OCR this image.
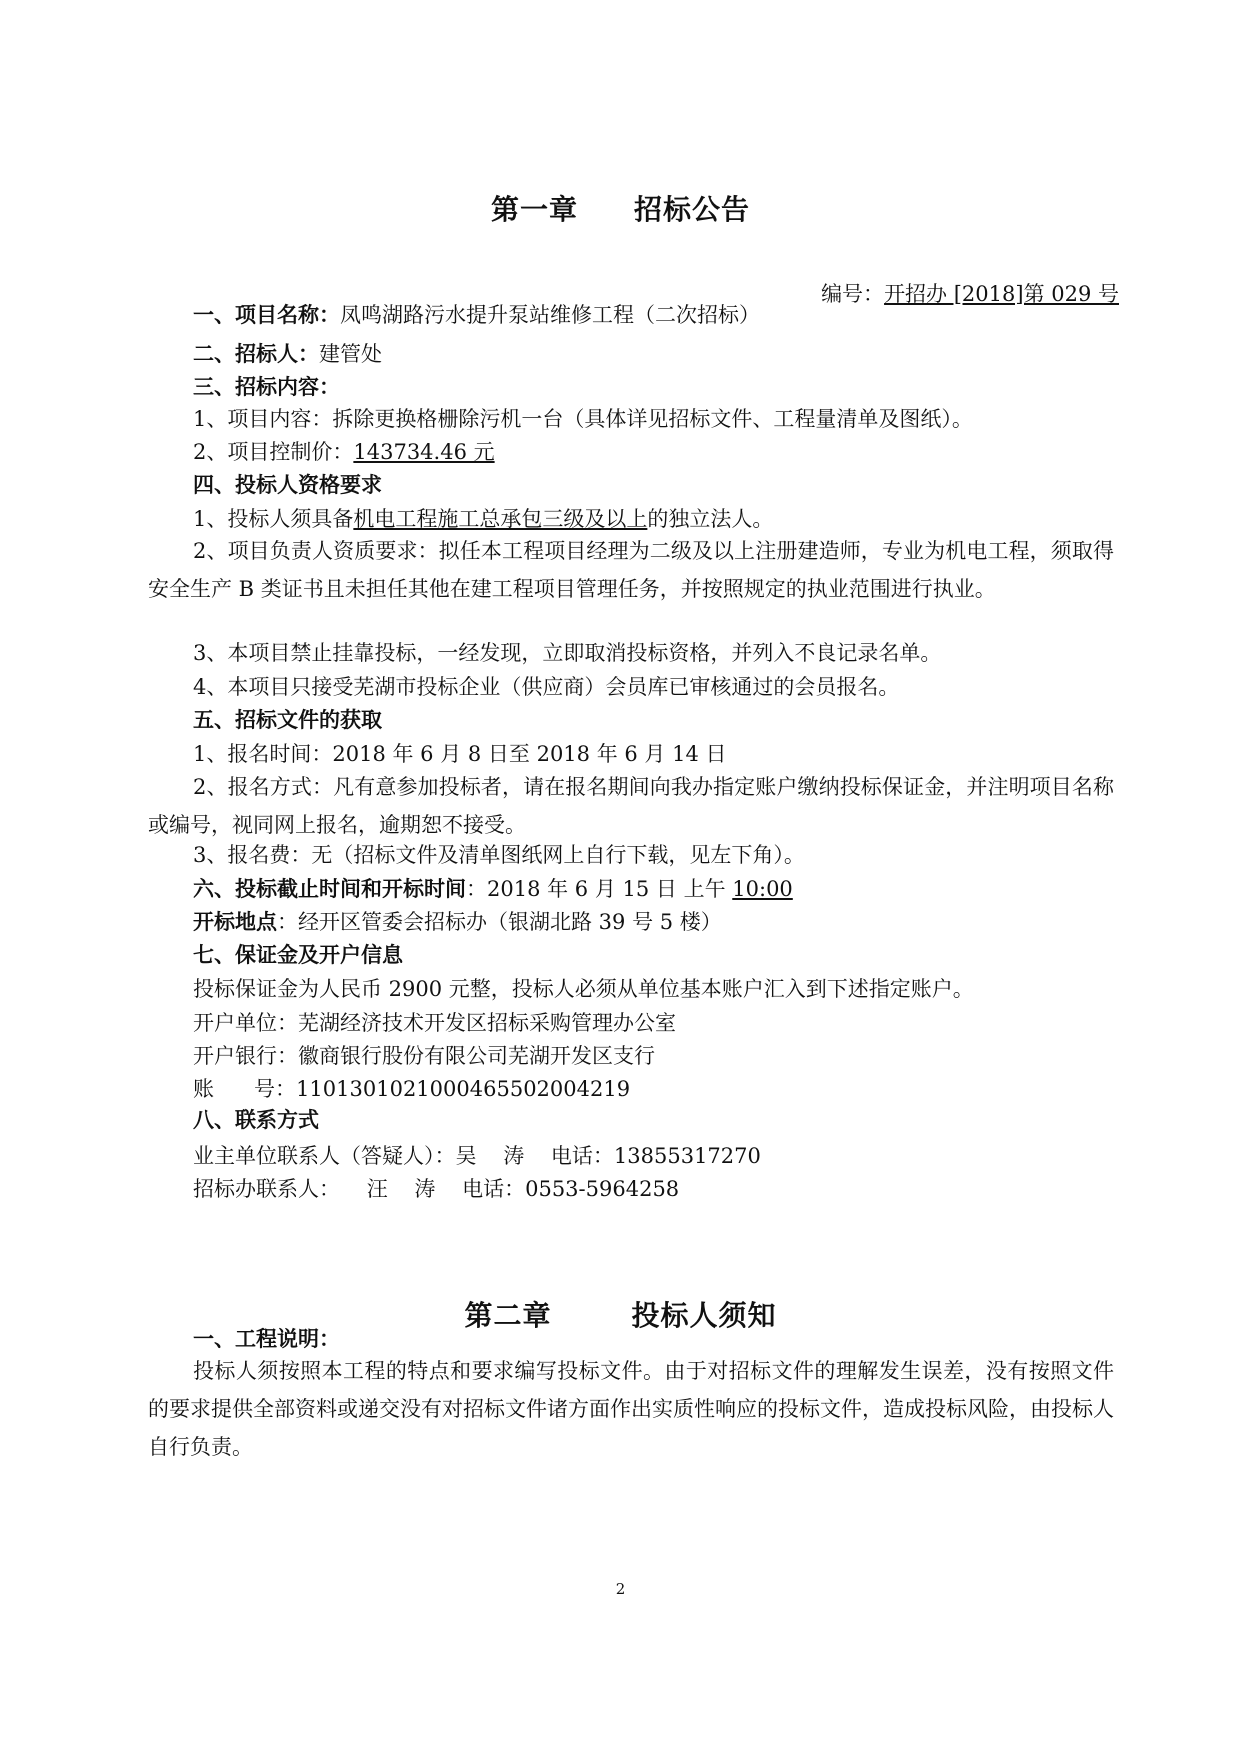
第一章 招标公告
编号：开招办 [2018]第 029 号
一、项目名称：凤鸣湖路污水提升泵站维修工程（二次招标）
二、招标人：建管处
三、招标内容：
1、项目内容：拆除更换格栅除污机一台（具体详见招标文件、工程量清单及图纸）。
2、项目控制价：143734.46 元
四、投标人资格要求
1、投标人须具备机电工程施工总承包三级及以上的独立法人。
2、项目负责人资质要求：拟任本工程项目经理为二级及以上注册建造师，专业为机电工程，须取得安全生产 B 类证书且未担任其他在建工程项目管理任务，并按照规定的执业范围进行执业。
3、本项目禁止挂靠投标，一经发现，立即取消投标资格，并列入不良记录名单。
4、本项目只接受芜湖市投标企业（供应商）会员库已审核通过的会员报名。
五、招标文件的获取
1、报名时间：2018 年 6 月 8 日至 2018 年 6 月 14 日
2、报名方式：凡有意参加投标者，请在报名期间向我办指定账户缴纳投标保证金，并注明项目名称或编号，视同网上报名，逾期恕不接受。
3、报名费：无（招标文件及清单图纸网上自行下载，见左下角）。
六、投标截止时间和开标时间：2018 年 6 月 15 日 上午 10:00
开标地点：经开区管委会招标办（银湖北路 39 号 5 楼）
七、保证金及开户信息
投标保证金为人民币 2900 元整，投标人必须从单位基本账户汇入到下述指定账户。
开户单位：芜湖经济技术开发区招标采购管理办公室
开户银行：徽商银行股份有限公司芜湖开发区支行
账      号：1101301021000465502004219
八、联系方式
业主单位联系人（答疑人）：吴    涛    电话：13855317270
招标办联系人：    汪    涛    电话：0553-5964258
第二章	投标人须知
一、工程说明：
投标人须按照本工程的特点和要求编写投标文件。由于对招标文件的理解发生误差，没有按照文件的要求提供全部资料或递交没有对招标文件诸方面作出实质性响应的投标文件，造成投标风险，由投标人自行负责。
2
